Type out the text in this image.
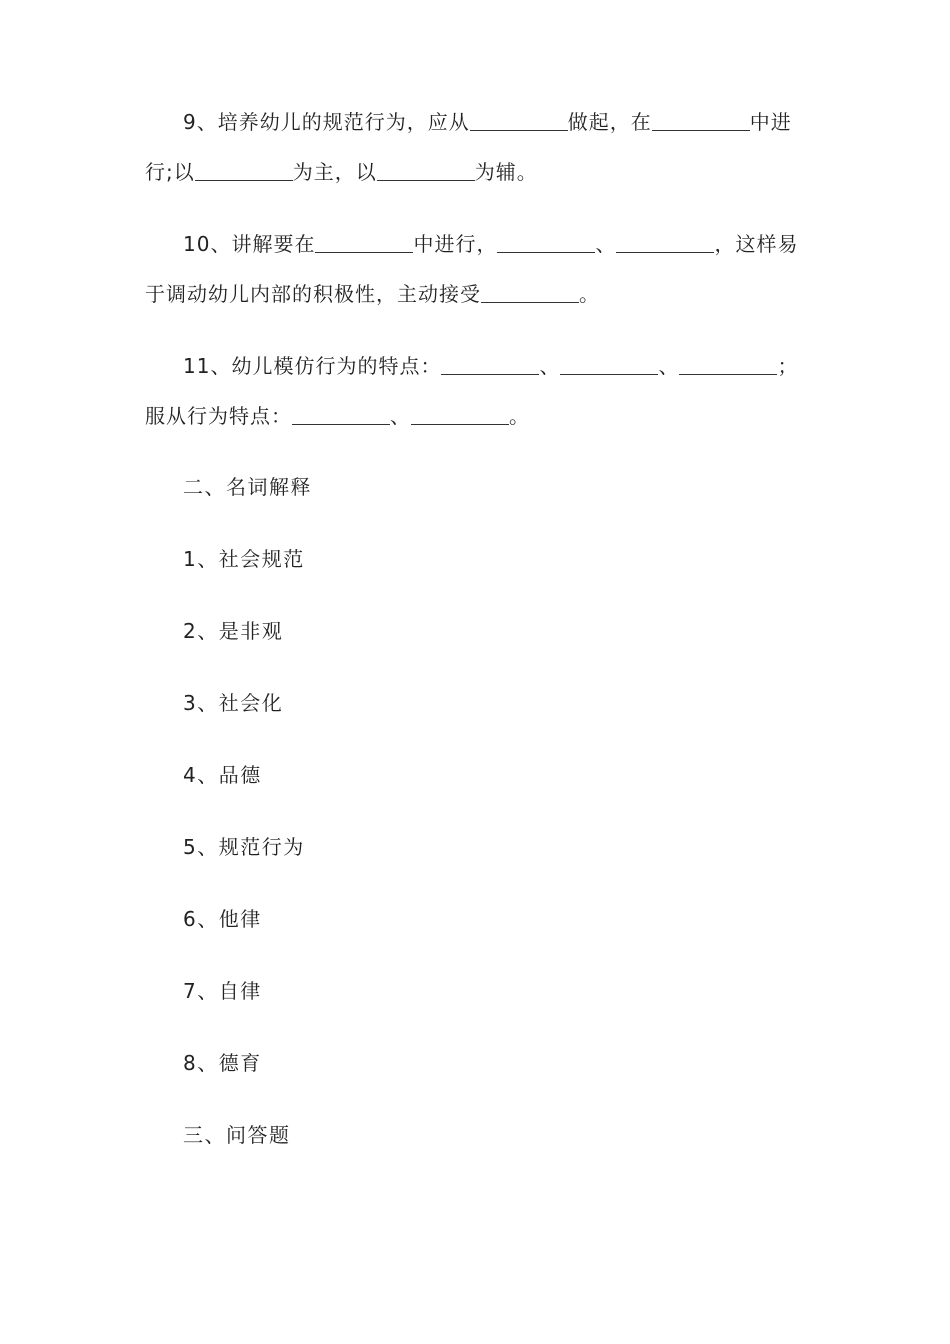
9、培养幼儿的规范行为，应从	做起，在	中进行;以	为主，以	为辅。
10、讲解要在	中进行，	、	，这样易于调动幼儿内部的积极性，主动接受	。
11、幼儿模仿行为的特点：	、	、	；服从行为特点：	、	。
二、名词解释
1、社会规范
2、是非观
3、社会化
4、品德
5、规范行为
6、他律
7、自律
8、德育
三、问答题
